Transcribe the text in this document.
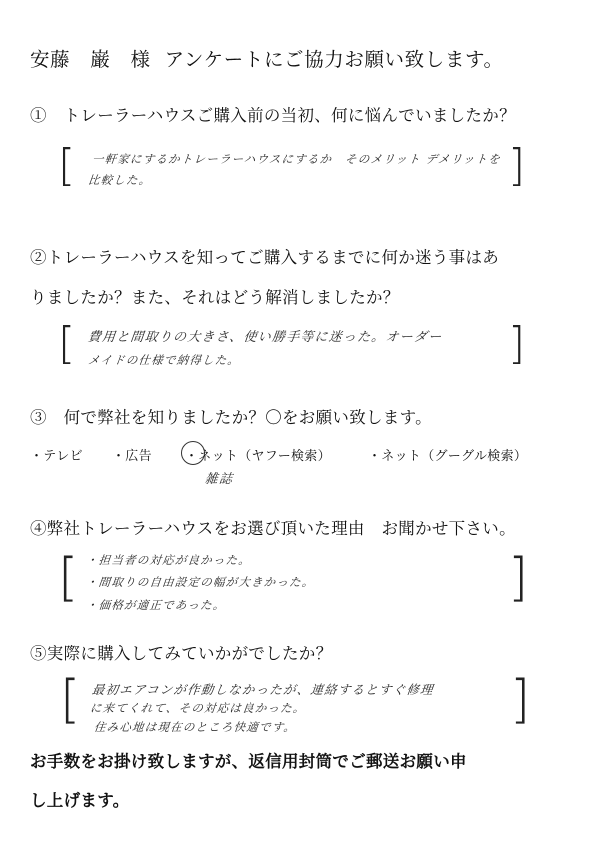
安藤　巌　様 アンケートにご協力お願い致します。
①　トレーラーハウスご購入前の当初、何に悩んでいましたか？
[	]
一軒家にするかトレーラーハウスにするか　そのメリット デメリットを
比較した。
②トレーラーハウスを知ってご購入するまでに何か迷う事はあ
りましたか？また、それはどう解消しましたか？
[	]
費用と間取りの大きさ、使い勝手等に迷った。オーダー
メイドの仕様で納得した。
③　何で弊社を知りましたか？〇をお願い致します。
・テレビ ・広告	・ネット（ヤフー検索）	・ネット（グーグル検索）
雑誌
④弊社トレーラーハウスをお選び頂いた理由　お聞かせ下さい。
[	]
・担当者の対応が良かった。
・間取りの自由設定の幅が大きかった。
・価格が適正であった。
⑤実際に購入してみていかがでしたか？
[	]
最初エアコンが作動しなかったが、連絡するとすぐ修理
に来てくれて、その対応は良かった。
住み心地は現在のところ快適です。
お手数をお掛け致しますが、返信用封筒でご郵送お願い申
し上げます。
